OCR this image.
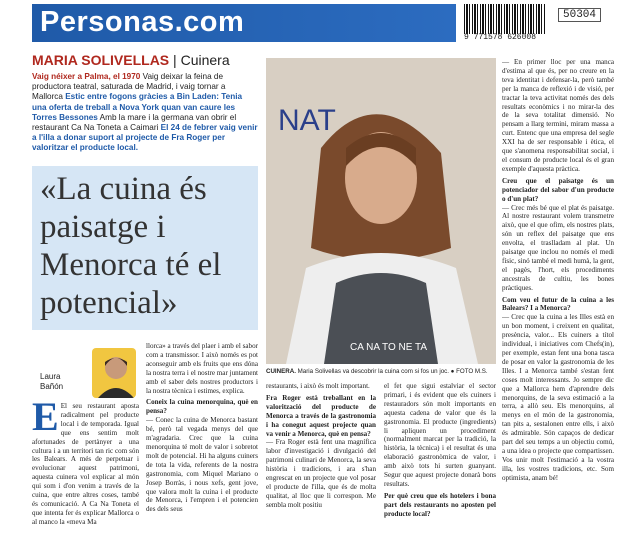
Personas.com	50304
9 771578 626008
MARIA SOLIVELLAS | Cuinera
Vaig néixer a Palma, el 1970 Vaig deixar la feina de productora teatral, saturada de Madrid, i vaig tornar a Mallorca Estic entre fogons gràcies a Bin Laden: Tenia una oferta de treball a Nova York quan van caure les Torres Bessones Amb la mare i la germana van obrir el restaurant Ca Na Toneta a Caimari El 24 de febrer vaig venir a l'illa a donar suport al projecte de Fra Roger per valoritzar el producte local.
«La cuina és paisatge i Menorca té el potencial»
Laura
Bañón
NAT
CA NA TO NE TA
CUINERA. Maria Solivellas va descobrir la cuina com si fos un joc. ● FOTO M.S.
E El seu restaurant aposta radicalment pel producte local i de temporada. Igual que ens sentim molt afortunades de pertànyer a una cultura i a un territori tan ric com són les Balears. A més de perpetuar i evolucionar aquest patrimoni, aquesta cuinera vol explicar al món qui som i d'on venim a través de la cuina, que entre altres coses, també és comunicació. A Ca Na Toneta el que intenta fer és explicar Mallorca o al manco la «meva Ma
llorca» a través del plaer i amb el sabor com a transmissor. I això només es pot aconseguir amb els fruits que ens dóna la nostra terra i el nostre mar juntament amb el saber dels nostres productors i la nostra tècnica i estimes, explica.
Coneix la cuina menorquina, què en pensa?
— Conec la cuina de Menorca bastant bé, però tal vegada menys del que m'agradaria. Crec que la cuina menorquina té molt de valor i sobretot molt de potencial. Hi ha alguns cuiners de tota la vida, referents de la nostra gastronomia, com Miquel Mariano o Josep Borràs, i nous xefs, gent jove, que valora molt la cuina i el producte de Menorca, i l'empren i el potencien des dels seus
restaurants, i això és molt important.
Fra Roger està treballant en la valorització del producte de Menorca a través de la gastronomia i ha conegut aquest projecte quan va venir a Menorca, què en pensa?
— Fra Roger està fent una magnífica labor d'investigació i divulgació del patrimoni culinari de Menorca, la seva història i tradicions, i ara s'han engrescat en un projecte que vol posar el producte de l'illa, que és de molta qualitat, al lloc que li correspon. Me sembla molt positiu
el fet que sigui estalviar el sector primari, i és evident que els cuiners i restauradors són molt importants en aquesta cadena de valor que és la gastronomia. El producte (ingredients) li apliquen un procediment (normalment marcat per la tradició, la història, la tècnica) i el resultat és una elaboració gastronòmica de valor, i amb això tots hi surten guanyant. Segur que aquest projecte donarà bons resultats.
Per què creu que els hotelers i bona part dels restaurants no aposten pel producte local?
— En primer lloc per una manca d'estima al que és, per no creure en la teva identitat i defensar-la, però també per la manca de reflexió i de visió, per tractar la teva activitat només des dels resultats econòmics i no mirar-la des de la seva totalitat dimensió. No pensam a llarg termini, miram massa a curt. Entenc que una empresa del segle XXI ha de ser responsable i ètica, el que s'anomena responsabilitat social, i el consum de producte local és el gran exemple d'aquesta pràctica.
Creu que el paisatge és un potenciador del sabor d'un producte o d'un plat?
— Crec més bé que el plat és paisatge. Al nostre restaurant volem transmetre això, que el que ofim, els nostres plats, són un reflex del paisatge que ens envolta, el traslladam al plat. Un paisatge que inclou no només el medi físic, sinó també el medi humà, la gent, el pagès, l'hort, els procediments ancestrals de cultiu, les bones pràctiques.
Com veu el futur de la cuina a les Balears? I a Menorca?
— Crec que la cuina a les Illes està en un bon moment, i creixent en qualitat, presència, valor... Els cuiners a títol individual, i iniciatives com Chefs(in), per exemple, estan fent una bona tasca de posar en valor la gastronomia de les Illes. I a Menorca també s'estan fent coses molt interessants. Jo sempre dic que a Mallorca hem d'aprendre dels menorquins, de la seva estimació a la terra, a allò seu. Els menorquins, al menys en el món de la gastronomia, tan pits a, sestalonen entre ells, i això és admirable. Són capaços de dedicar part del seu temps a un objectiu comú, a una idea o projecte que compartissen. Vos unir molt l'estimació a la vostra illa, les vostres tradicions, etc. Som optimista, anam bé!
